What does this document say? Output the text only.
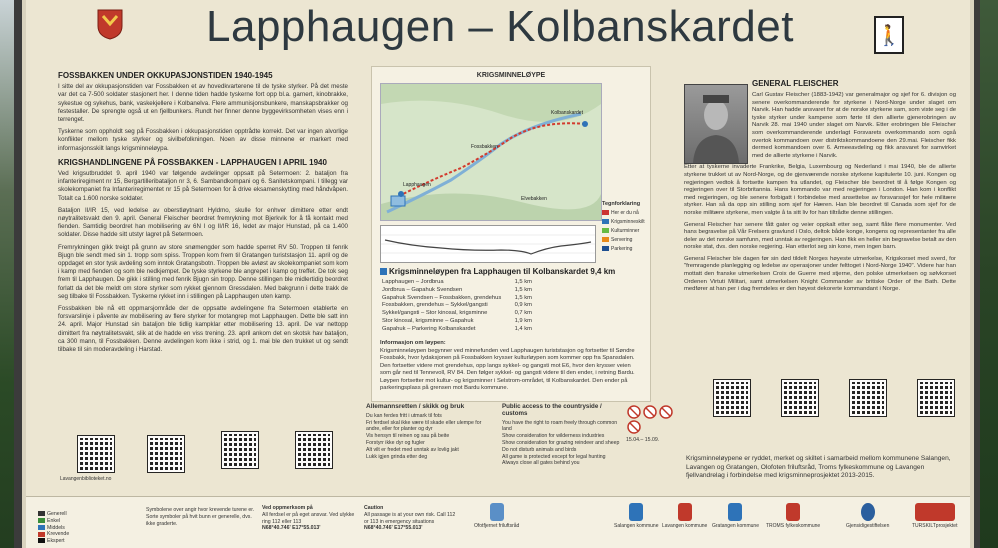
Lapphaugen – Kolbanskardet	🚶
FOSSBAKKEN UNDER OKKUPASJONSTIDEN 1940-1945

I sitte del av okkupasjonstiden var Fossbakken et av hovedkvarterene til de tyske styrker. På det meste var det ca 7-500 soldater stasjonert her. I denne tiden hadde tyskerne fort opp bl.a. garnert, kinobrakke, sykestue og sykehus, bank, vaskekjellere i Kolbanelva. Flere ammunisjonsbunkere, manskapsbrakker og festestaller. De sprengte også ut en fjellbunkers. Rundt her finner denne byggevirksomheten vises enn i terrenget.

Tyskerne som oppholdt seg på Fossbakken i okkupasjonstiden opptrådte korrekt. Det var ingen alvorlige konflikter mellom tyske styrker og sivilbefolkningen. Noen av disse minnene er markert med informasjonsskilt langs krigsminneløypa.

KRIGSHANDLINGENE PÅ FOSSBAKKEN - LAPPHAUGEN I APRIL 1940

Ved krigsutbruddet 9. april 1940 var følgende avdelinger oppsatt på Setermoen: 2. bataljon fra infanteriregiment nr 15, Bergartilleribataljon nr 3, 6. Sambandkompani og 6. Sanitetskompani. I tillegg var skolekompaniet fra Infanteriregimentet nr 15 på Setermoen for å drive eksamenskytting med håndvåpen. Totalt ca 1.600 norske soldater.

Bataljon II/IR 15, ved ledelse av oberstløytnant Hyldmo, skulle for enhver dimittere etter endt nøytralitetsvakt den 9. april. General Fleischer beordret fremrykning mot Bjerkvik for å få kontakt med fienden. Samtidig beordret han mobilisering av 6N I og II/IR 16, ledet av major Hunstad, på ca 1.400 soldater. Disse hadde sitt utstyr lagret på Setermoen.

Fremrykningen gikk treigt på grunn av store snømengder som hadde sperret RV 50. Troppen til fenrik Bjugn ble sendt med sin 1. tropp som spiss. Troppen kom frem til Gratangen turiststasjon 11. april og de oppdaget en stor tysk avdeling som inntok Gratangsbotn. Troppen ble avløst av skolekompaniet som kom i kamp med fienden og som ble nedkjempet. De tyske styrkene ble angrepet i kamp og treffet. De tok seg frem til Lapphaugen. De gikk i stilling med fenrik Bjugn sin tropp. Denne stillingen ble midlertidig beordret forlatt da det ble meldt om store styrker som rykket gjennom Gressdalen. Med bakgrunn i dette trakk de seg tilbake til Fossbakken. Tyskerne rykket inn i stillingen på Lapphaugen uten kamp.

Fossbakken ble nå ett oppmarsjområde der de oppsatte avdelingene fra Setermoen etablerte en forsvarslinje i påvente av mobilisering av flere styrker for motangrep mot Lapphaugen. Dette ble satt inn 24. april. Major Hunstad sin bataljon ble tidlig kampklar etter mobilisering 13. april. De var nettopp dimittert fra nøytralitetsvakt, slik at de hadde en viss trening. 23. april ankom det en skotsk hav bataljon, ca 300 mann, til Fossbakken. Denne avdelingen kom ikke i strid, og 1. mai ble den trukket ut og sendt tilbake til sin moderavdeling i Harstad.

Lavangenbiblioteket.no
KRIGSMINNELØYPE
Lapphaugen
Kolbanskardet
Fossbakken
Elvebakken
Tegnforklaring
Her er du nå
Krigsminneskilt
Kulturminner
Servering
Parkering
Krigsminneløypen fra Lapphaugen til Kolbanskardet 9,4 km
Lapphaugen – Jordbrua	1,5 km
Jordbrua – Gapahuk Svendsen	1,5 km
Gapahuk Svendsen – Fossbakken, grendehus 1,5 km
Fossbakken, grendehus – Sykkel/gangsti	0,9 km
Sykkel/gangsti – Stor kinosal, krigsminne	0,7 km
Stor kinosal, krigsminne – Gapahuk	1,9 km
Gapahuk – Parkering Kolbanskardet	1,4 km
Informasjon om løypen:
Krigsminneløypen begynner ved minnefunden ved Lapphaugen turiststasjon og fortsetter til Søndre Fossbakk, hvor lydaksjonen på Fossbakken krysser kulturløypen som kommer opp fra Spansdalen. Den fortsetter videre mot grendehus, opp langs sykkel- og gangsti mot E6, hvor den krysser veien som går ned til Tennevoll, RV 84. Den følger sykkel- og gangsti videre til den ender, i retning Bardu. Løypen fortsetter mot kultur- og krigsminner i Selstrom-området, til Kolbanskardet. Den ender på parkeringsplass på grensen mot Bardu kommune.
GENERAL FLEISCHER

Carl Gustav Fleischer (1883-1942) var generalmajor og sjef for 6. divisjon og senere overkommanderende for styrkene i Nord-Norge under slaget om Narvik. Han hadde ansvaret for at de norske styrkene sam, som viste seg i de tyske styrker under kampene som førte til den allierte gjenerobringen av Narvik 28. mai 1940 under slaget om Narvik. Etter erobringen ble Fleischer som overkommanderende underlagt Forsvarets overkommando som også overtok kommandoen over distriktskommandoene den 29.mai. Fleischer fikk dermed kommandoen over 6. Armeeavdeling og fikk ansvaret for samvirket med de allierte styrkene i Narvik.

Etter at tyskerne invaderte Frankrike, Belgia, Luxembourg og Nederland i mai 1940, ble de allierte styrkene trukket ut av Nord-Norge, og de gjenværende norske styrkene kapitulerte 10. juni. Kongen og regjeringen vedtok å fortsette kampen fra utlandet, og Fleischer ble beordret til å følge Kongen og regjeringen over til Storbritannia. Hans kommando var med regjeringen i London. Han kom i konflikt med regjeringen, og ble senere forbigatt i forbindelse med ansettelse av forsvarssjef for hele militære styrker. Han så da opp sin stilling som sjef for Hæren. Han ble beordret til Canada som sjef for de norske militære styrkene, men valgte å ta sitt liv for han tiltrådte denne stillingen.

General Fleischer har senere fått gater og veier oppkalt etter seg, samt flåte flere monumenter. Ved hans begravelse på Vår Frelsers gravlund i Oslo, deltok både konge, kongens og representanter fra alle deler av det norske samfunn, med unntak av regjeringen. Han fikk en heller sin begravelse betalt av den norske stat, dvs. den norske regjering. Han etterlot seg sin kone, men ingen barn.

General Fleischer ble dagen før sin død tildelt Norges høyeste utmerkelse, Krigskorset med sverd, for "fremragende planlegging og ledelse av operasjoner under felttoget i Nord-Norge 1940". Videre har han mottatt den franske utmerkelsen Croix de Guerre med stjerne, den polske utmerkelsen og sølvkorset Ordenen Virtuti Militari, samt utmerkelsen Knight Commander av britiske Order of the Bath. Dette medfører at han per i dag fremdeles er den høyest dekorerte kommandant i Norge.

Krigsminneløypene er ryddet, merket og skiltet i samarbeid mellom kommunene Salangen, Lavangen og Gratangen, Olofoten friluftsråd, Troms fylkeskommune og Lavangen fjellvandrelag i forbindelse med krigsminneprosjektet 2013-2015.
Allemannsretten / skikk og bruk
Du kan ferdes fritt i utmark til fots
Fri ferdsel skal ikke være til skade eller ulempe for andre, eller for planter og dyr
Vis hensyn til reinen og sau på beite
Forstyrr ikke dyr og fugler
Alt vilt er fredet med unntak av lovlig jakt
Lukk igjen grinda etter deg
Public access to the countryside / customs
You have the right to roam freely through common land
Show consideration for wilderness industries
Show consideration for grazing reindeer and sheep
Do not disturb animals and birds
All game is protected except for legal hunting
Always close all gates behind you
15.04.– 15.09.
Generell
Enkel
Middels
Krevende
Ekspert
Symbolene over angir hvor krevende turene er. Sorte symboler på hvit bunn er generelle, dvs. ikke graderte.
Ved oppmerksom på
All ferdsel er på eget ansvar. Ved ulykke ring 112 eller 113
N68°40.746' E17°55.013'
Caution
All passage is at your own risk. Call 112 or 113 in emergency situations
N68°40.746' E17°55.013'	Ofotfjernet friluftsråd	Salangen kommune Lavangen kommune Gratangen kommune TROMS fylkeskommune	Gjensidigestiftelsen	TURSKILTprosjektet
